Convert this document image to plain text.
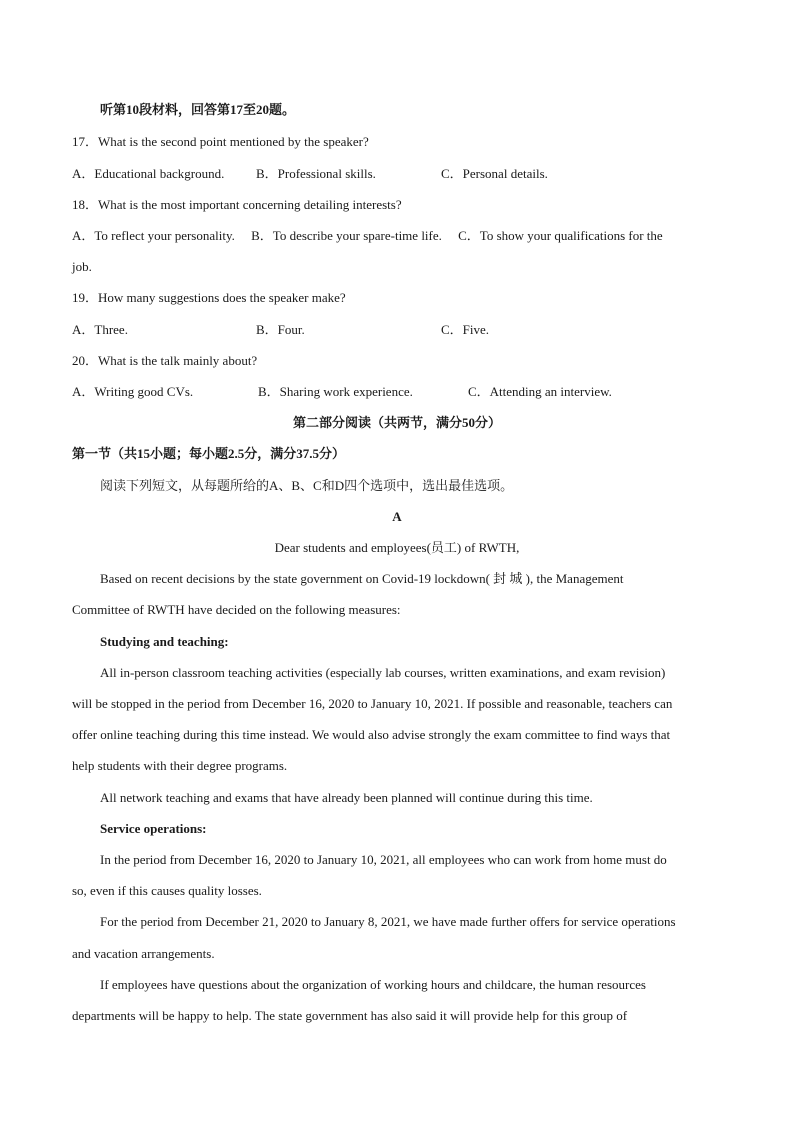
听第10段材料，回答第17至20题。
17．What is the second point mentioned by the speaker?
A．Educational background. B．Professional skills.	C．Personal details.
18．What is the most important concerning detailing interests?
A．To reflect your personality.　 B．To describe your spare-time life.　 C．To show your qualifications for the
job.
19．How many suggestions does the speaker make?
A．Three.	B．Four.	C．Five.
20．What is the talk mainly about?
A．Writing good CVs.	B．Sharing work experience.	C．Attending an interview.
第二部分阅读（共两节，满分50分）
第一节（共15小题；每小题2.5分，满分37.5分）
阅读下列短文，从每题所给的A、B、C和D四个选项中，选出最佳选项。
A
Dear students and employees(员工) of RWTH,
Based on recent decisions by the state government on Covid-19 lockdown( 封 城 ), the Management
Committee of RWTH have decided on the following measures:
Studying and teaching:
All in-person classroom teaching activities (especially lab courses, written examinations, and exam revision)
will be stopped in the period from December 16, 2020 to January 10, 2021. If possible and reasonable, teachers can
offer online teaching during this time instead. We would also advise strongly the exam committee to find ways that
help students with their degree programs.
All network teaching and exams that have already been planned will continue during this time.
Service operations:
In the period from December 16, 2020 to January 10, 2021, all employees who can work from home must do
so, even if this causes quality losses.
For the period from December 21, 2020 to January 8, 2021, we have made further offers for service operations
and vacation arrangements.
If employees have questions about the organization of working hours and childcare, the human resources
departments will be happy to help. The state government has also said it will provide help for this group of
